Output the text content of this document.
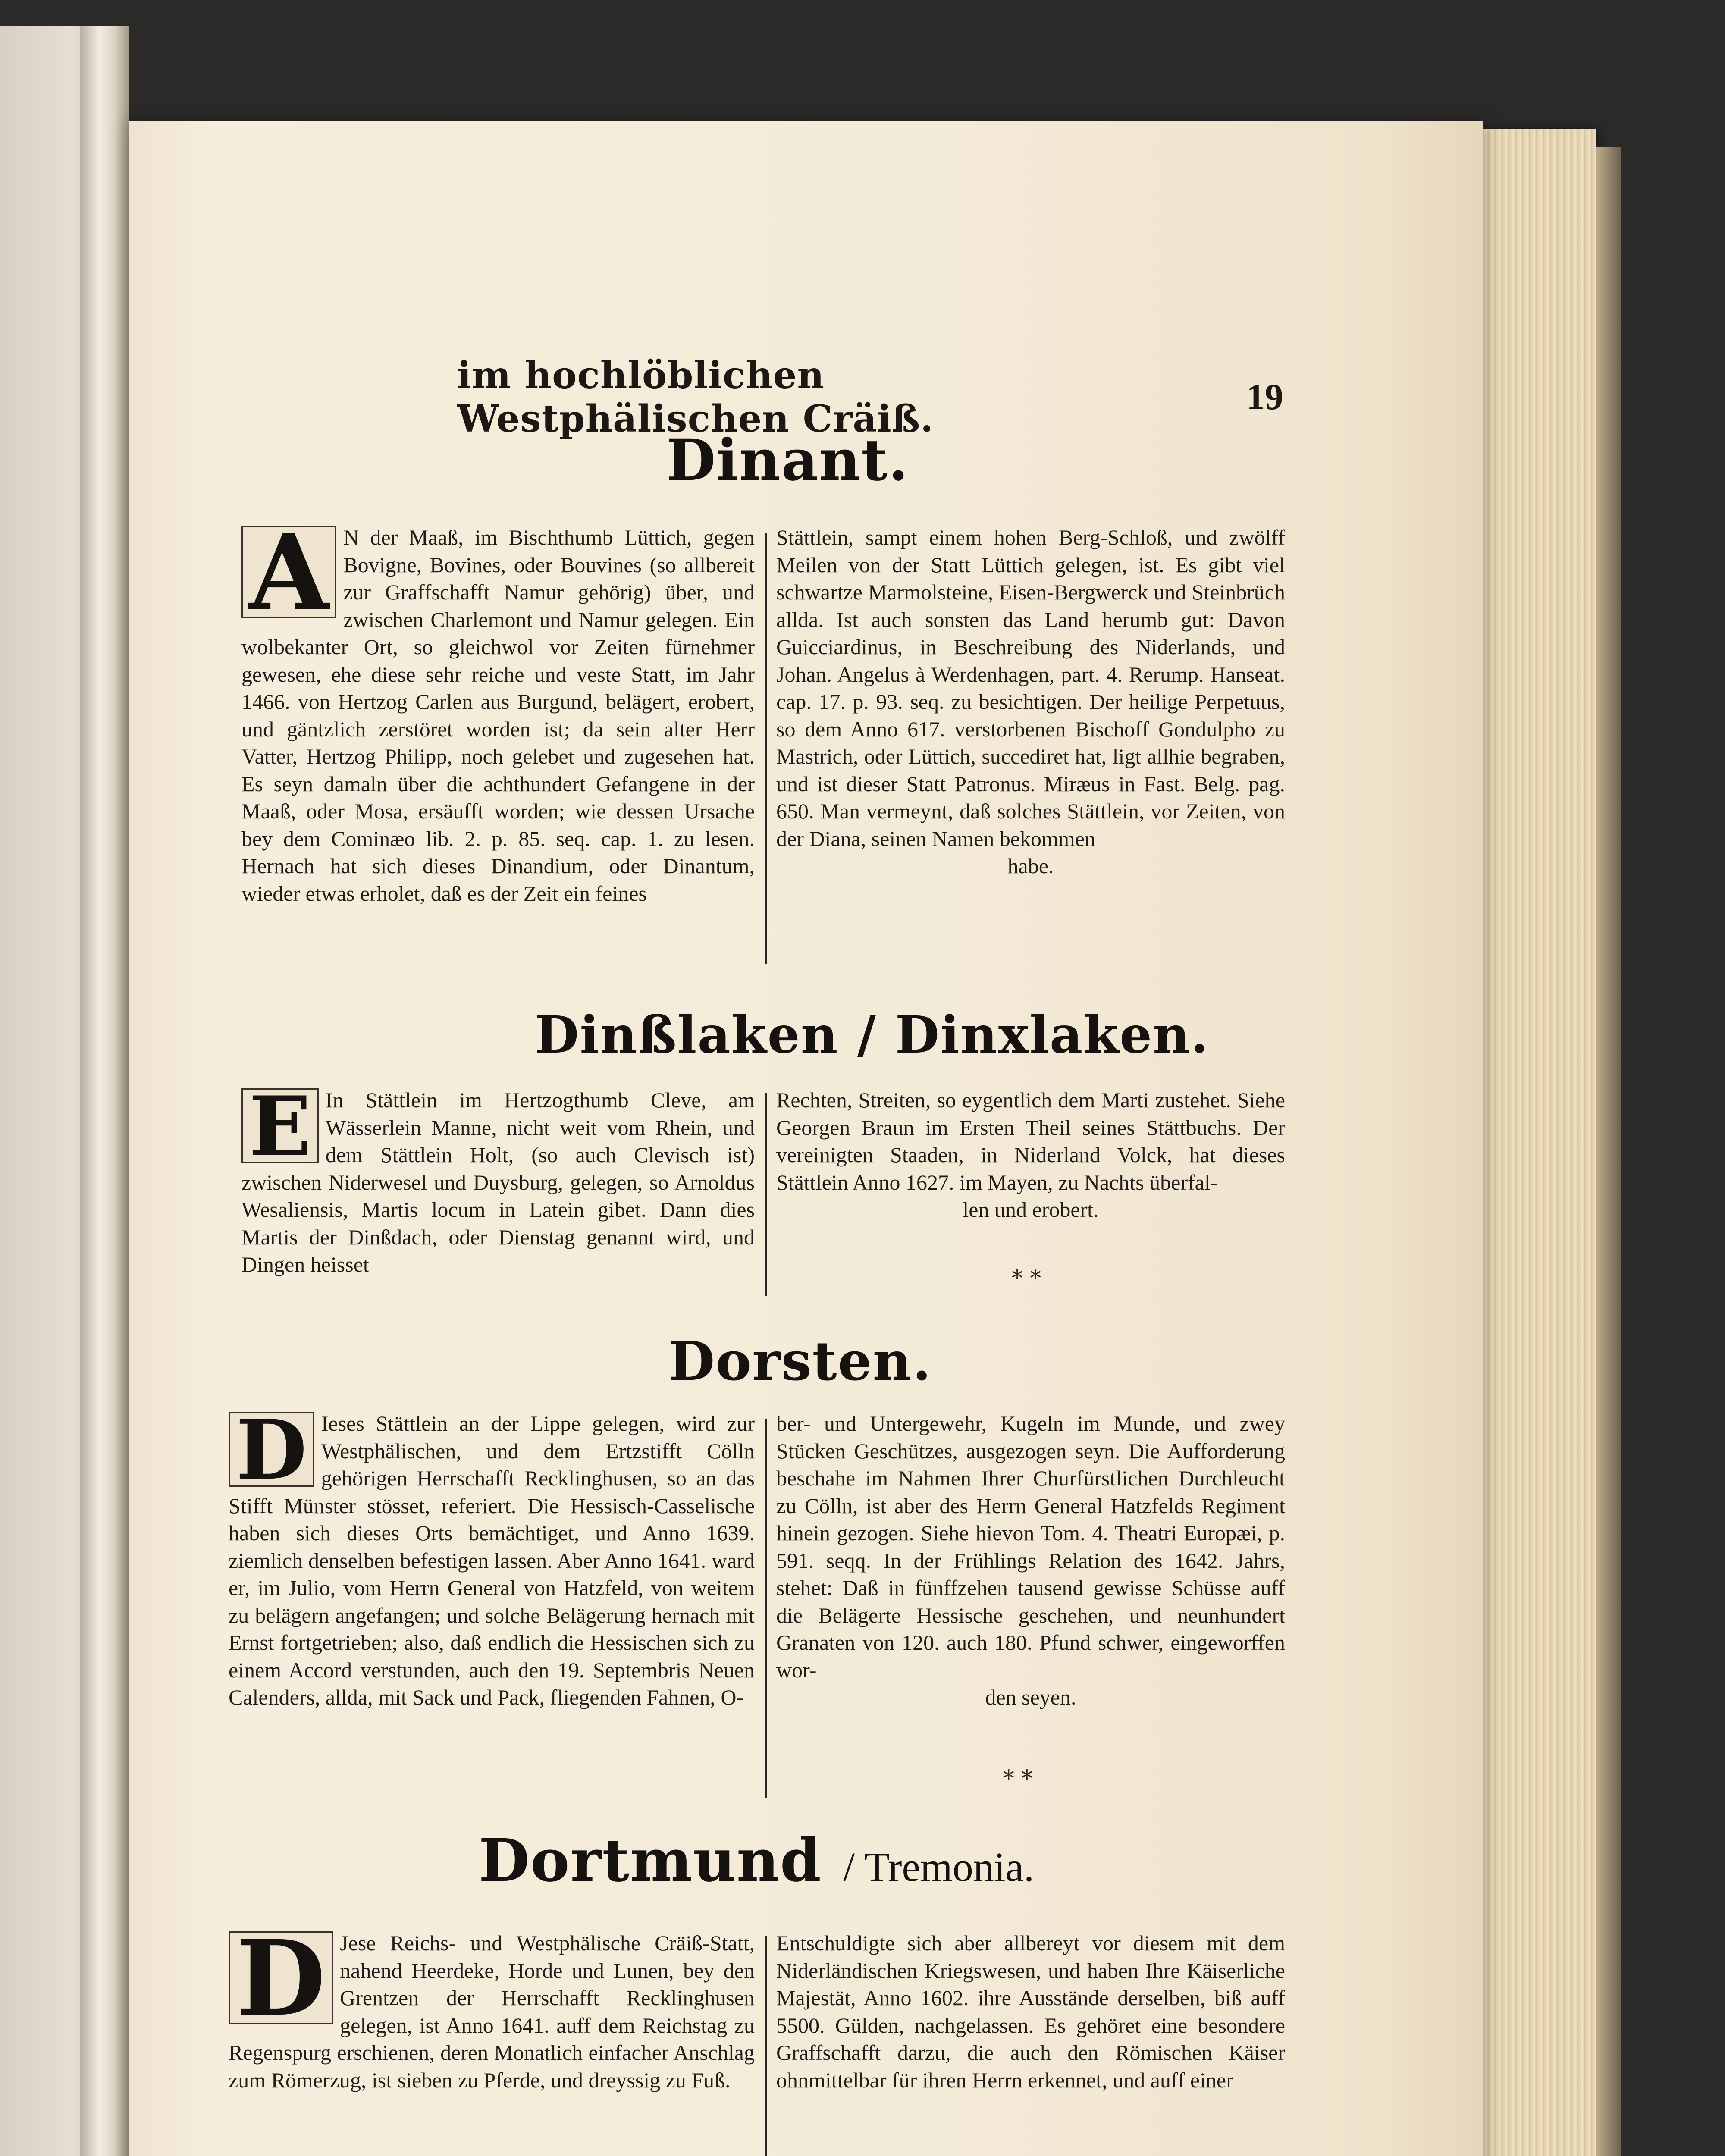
im hochlöblichen Westphälischen Cräiß.
19
Dinant.
A N der Maaß, im Bischthumb Lüttich, gegen Bovigne, Bovines, oder Bouvines (so allbereit zur Graffschafft Namur gehörig) über, und zwischen Charlemont und Namur gelegen. Ein wolbekanter Ort, so gleichwol vor Zeiten fürnehmer gewesen, ehe diese sehr reiche und veste Statt, im Jahr 1466. von Hertzog Carlen aus Burgund, belägert, erobert, und gäntzlich zerstöret worden ist; da sein alter Herr Vatter, Hertzog Philipp, noch gelebet und zugesehen hat. Es seyn damaln über die achthundert Gefangene in der Maaß, oder Mosa, ersäufft worden; wie dessen Ursache bey dem Cominæo lib. 2. p. 85. seq. cap. 1. zu lesen. Hernach hat sich dieses Dinandium, oder Dinantum, wieder etwas erholet, daß es der Zeit ein feines

Stättlein, sampt einem hohen Berg-Schloß, und zwölff Meilen von der Statt Lüttich gelegen, ist. Es gibt viel schwartze Marmolsteine, Eisen-Bergwerck und Steinbrüch allda. Ist auch sonsten das Land herumb gut: Davon Guicciardinus, in Beschreibung des Niderlands, und Johan. Angelus à Werdenhagen, part. 4. Rerump. Hanseat. cap. 17. p. 93. seq. zu besichtigen. Der heilige Perpetuus, so dem Anno 617. verstorbenen Bischoff Gondulpho zu Mastrich, oder Lüttich, succediret hat, ligt allhie begraben, und ist dieser Statt Patronus. Miræus in Fast. Belg. pag. 650. Man vermeynt, daß solches Stättlein, vor Zeiten, von der Diana, seinen Namen bekommen

habe.

Dinßlaken / Dinxlaken.
E In Stättlein im Hertzogthumb Cleve, am Wässerlein Manne, nicht weit vom Rhein, und dem Stättlein Holt, (so auch Clevisch ist) zwischen Niderwesel und Duysburg, gelegen, so Arnoldus Wesaliensis, Martis locum in Latein gibet. Dann dies Martis der Dinßdach, oder Dienstag genannt wird, und Dingen heisset

Rechten, Streiten, so eygentlich dem Marti zustehet. Siehe Georgen Braun im Ersten Theil seines Stättbuchs. Der vereinigten Staaden, in Niderland Volck, hat dieses Stättlein Anno 1627. im Mayen, zu Nachts überfal-

len und erobert.

* *
Dorsten.
D Ieses Stättlein an der Lippe gelegen, wird zur Westphälischen, und dem Ertzstifft Cölln gehörigen Herrschafft Recklinghusen, so an das Stifft Münster stösset, referiert. Die Hessisch-Casselische haben sich dieses Orts bemächtiget, und Anno 1639. ziemlich denselben befestigen lassen. Aber Anno 1641. ward er, im Julio, vom Herrn General von Hatzfeld, von weitem zu belägern angefangen; und solche Belägerung hernach mit Ernst fortgetrieben; also, daß endlich die Hessischen sich zu einem Accord verstunden, auch den 19. Septembris Neuen Calenders, allda, mit Sack und Pack, fliegenden Fahnen, O-

ber- und Untergewehr, Kugeln im Munde, und zwey Stücken Geschützes, ausgezogen seyn. Die Aufforderung beschahe im Nahmen Ihrer Churfürstlichen Durchleucht zu Cölln, ist aber des Herrn General Hatzfelds Regiment hinein gezogen. Siehe hievon Tom. 4. Theatri Europæi, p. 591. seqq. In der Frühlings Relation des 1642. Jahrs, stehet: Daß in fünffzehen tausend gewisse Schüsse auff die Belägerte Hessische geschehen, und neunhundert Granaten von 120. auch 180. Pfund schwer, eingeworffen wor-

den seyen.

* *
Dortmund / Tremonia.
D Jese Reichs- und Westphälische Cräiß-Statt, nahend Heerdeke, Horde und Lunen, bey den Grentzen der Herrschafft Recklinghusen gelegen, ist Anno 1641. auff dem Reichstag zu Regenspurg erschienen, deren Monatlich einfacher Anschlag zum Römerzug, ist sieben zu Pferde, und dreyssig zu Fuß.

Entschuldigte sich aber allbereyt vor diesem mit dem Niderländischen Kriegswesen, und haben Ihre Käiserliche Majestät, Anno 1602. ihre Ausstände derselben, biß auff 5500. Gülden, nachgelassen. Es gehöret eine besondere Graffschafft darzu, die auch den Römischen Käiser ohnmittelbar für ihren Herrn erkennet, und auff einer
